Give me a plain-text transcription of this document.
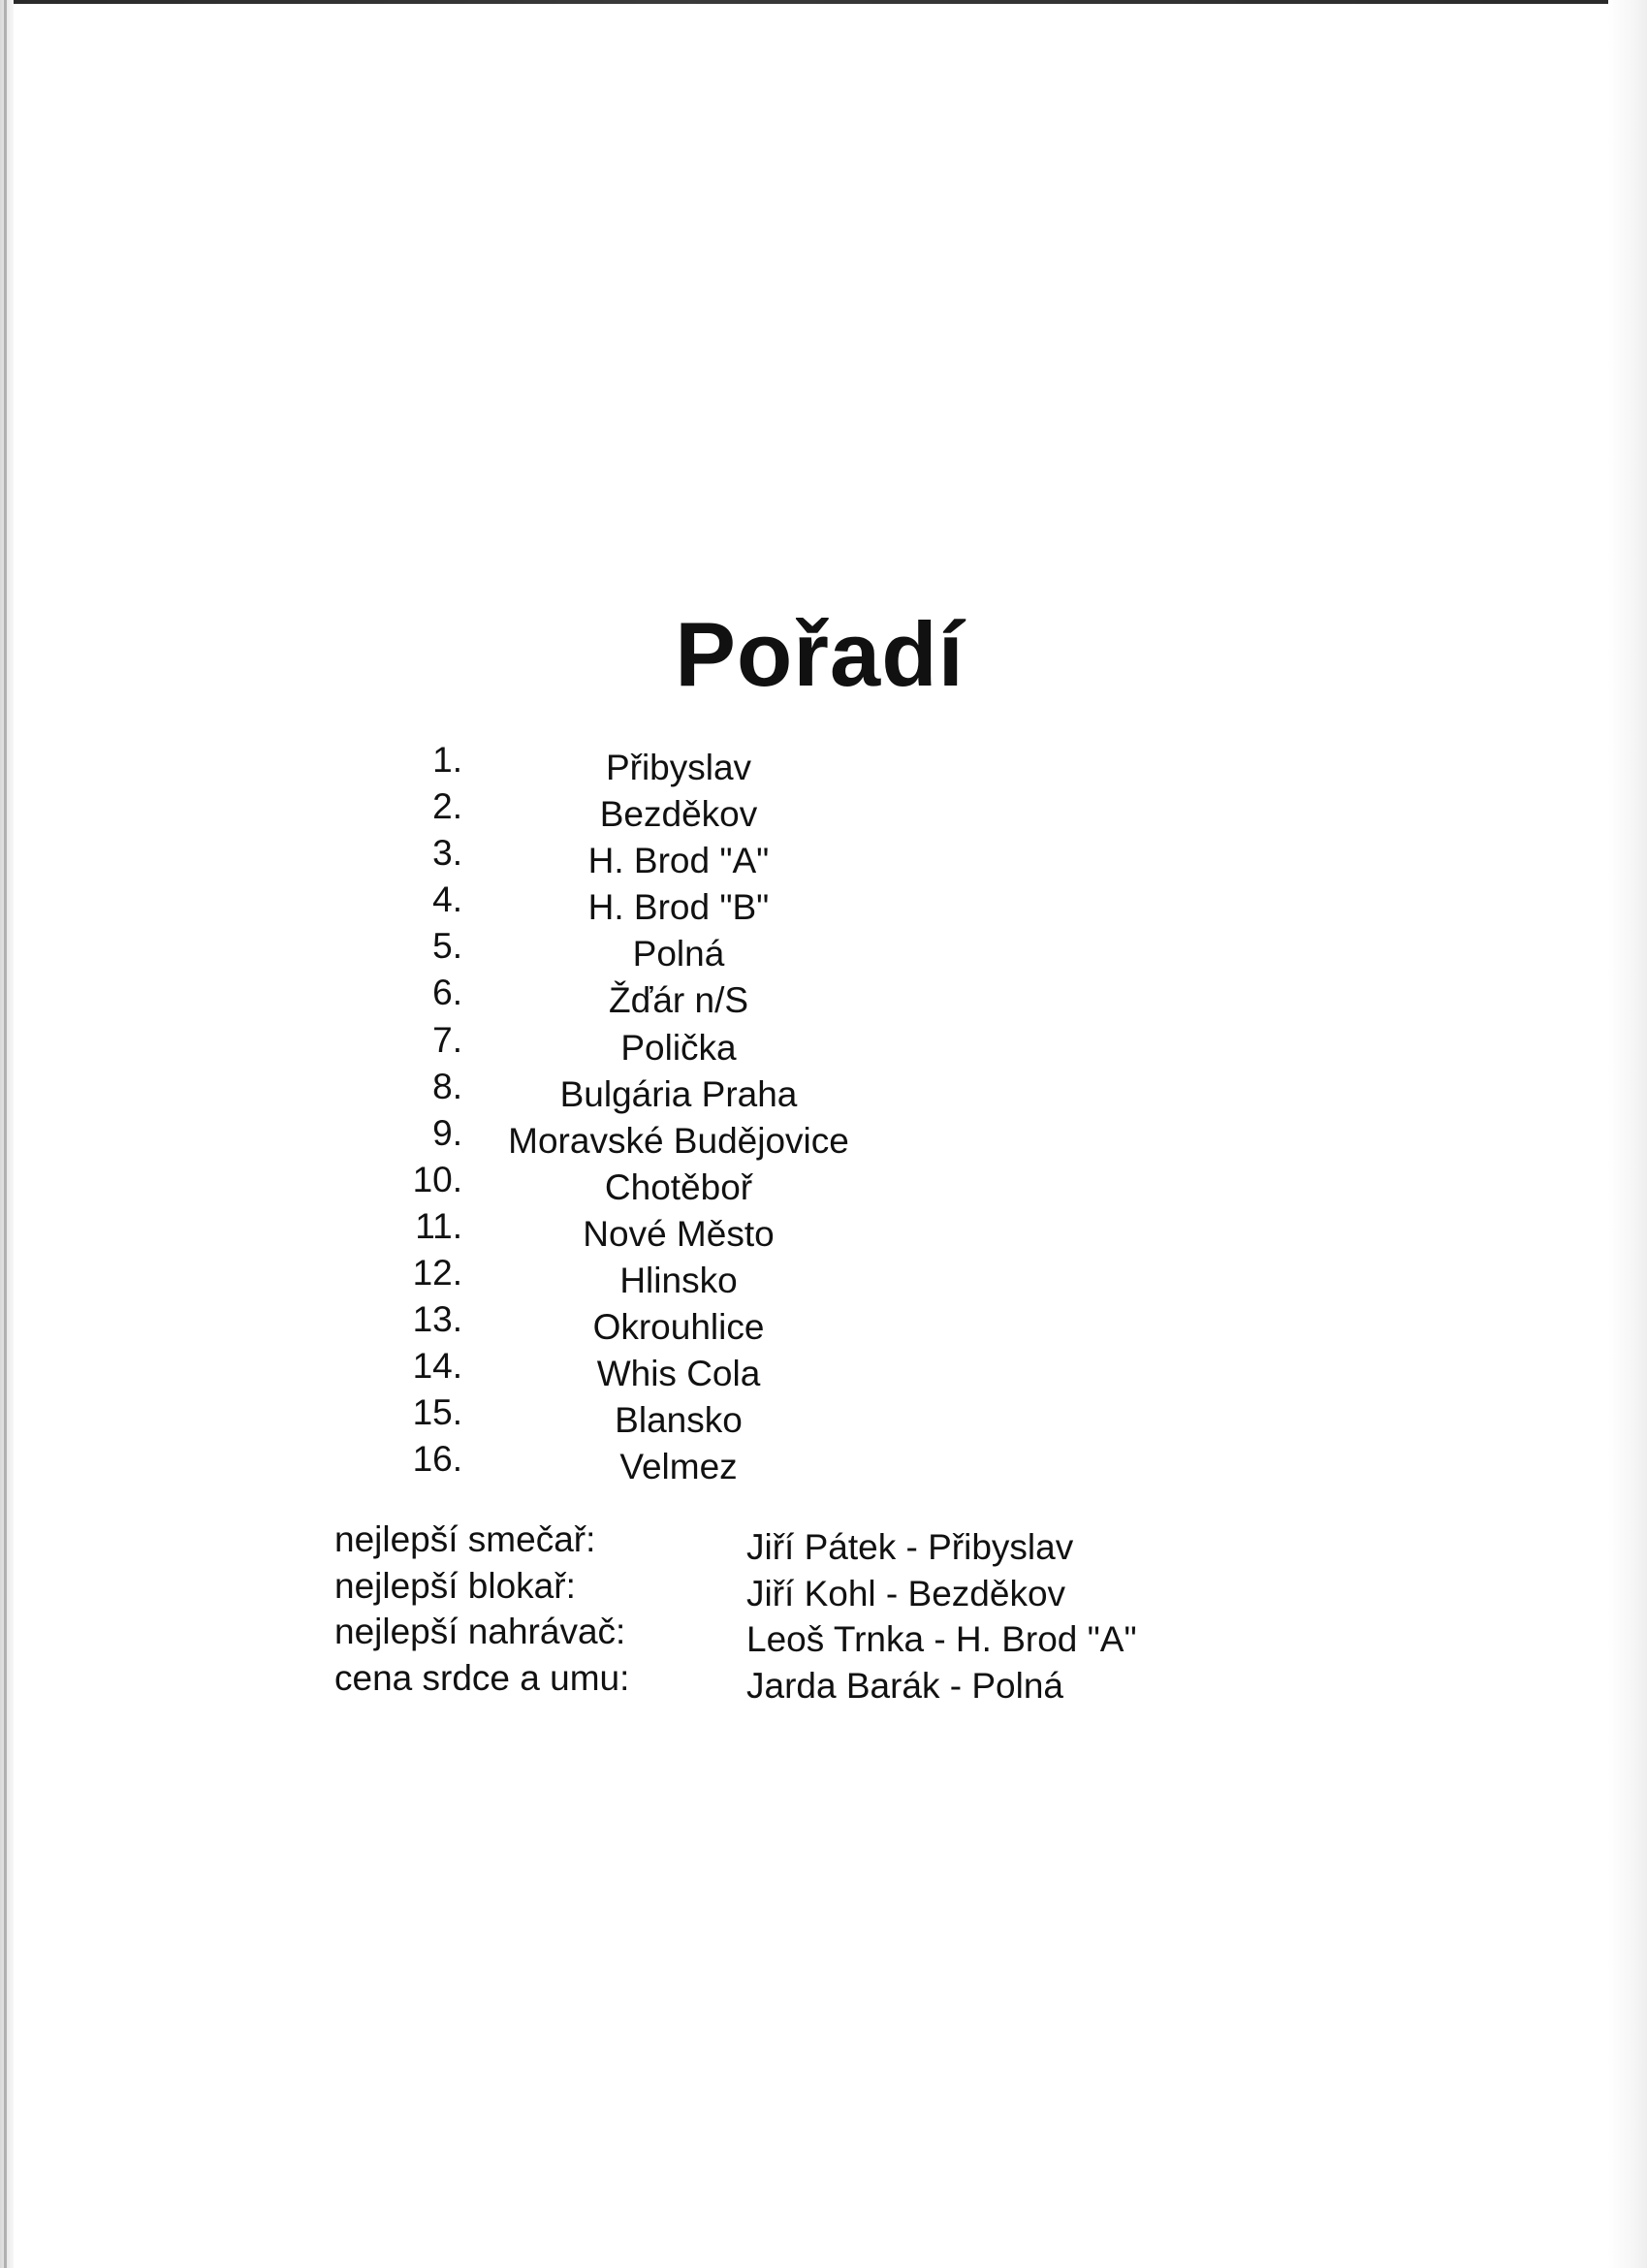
Pořadí
1.	Přibyslav
2.	Bezděkov
3.	H. Brod "A"
4.	H. Brod "B"
5.	Polná
6.	Žďár n/S
7.	Polička
8.	Bulgária Praha
9.	Moravské Budějovice
10.	Chotěboř
11.	Nové Město
12.	Hlinsko
13.	Okrouhlice
14.	Whis Cola
15.	Blansko
16.	Velmez
nejlepší smečař:	Jiří Pátek - Přibyslav
nejlepší blokař:	Jiří Kohl - Bezděkov
nejlepší nahrávač:	Leoš Trnka - H. Brod "A"
cena srdce a umu:	Jarda Barák - Polná
